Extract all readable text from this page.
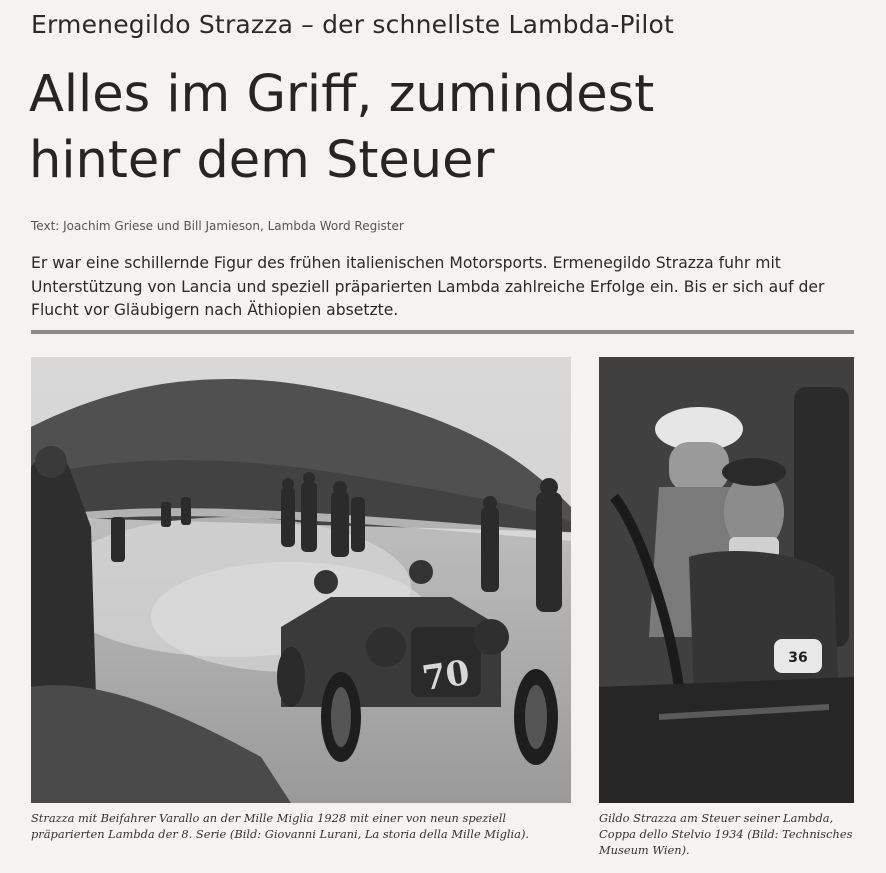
Ermenegildo Strazza – der schnellste Lambda-Pilot
Alles im Griff, zumindest
hinter dem Steuer
Text: Joachim Griese und Bill Jamieson, Lambda Word Register
Er war eine schillernde Figur des frühen italienischen Motorsports. Ermenegildo Strazza fuhr mit Unterstützung von Lancia und speziell präparierten Lambda zahlreiche Erfolge ein. Bis er sich auf der Flucht vor Gläubigern nach Äthiopien absetzte.
70	36
Strazza mit Beifahrer Varallo an der Mille Miglia 1928 mit einer von neun speziell präparierten Lambda der 8. Serie (Bild: Giovanni Lurani, La storia della Mille Miglia).
Gildo Strazza am Steuer seiner Lambda, Coppa dello Stelvio 1934 (Bild: Technisches Museum Wien).
